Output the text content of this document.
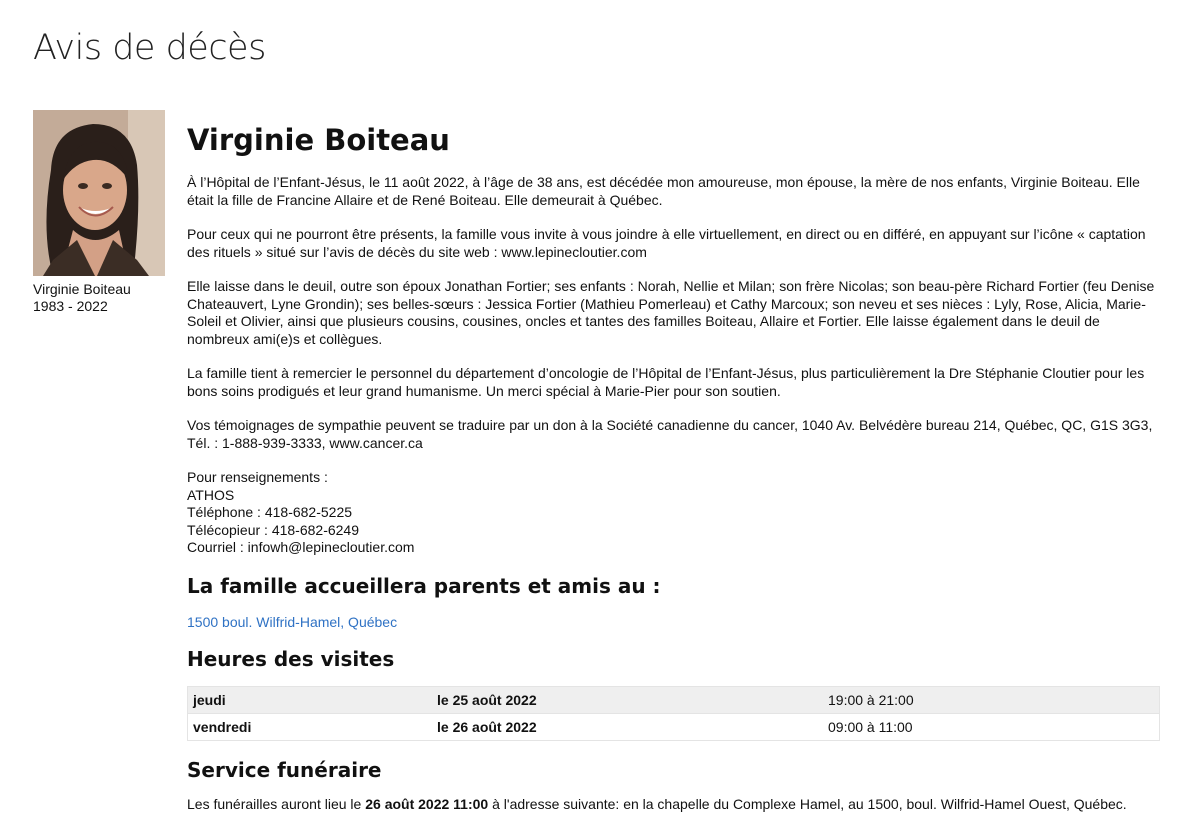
Avis de décès
Virginie Boiteau
1983 - 2022
Virginie Boiteau

À l’Hôpital de l’Enfant-Jésus, le 11 août 2022, à l’âge de 38 ans, est décédée mon amoureuse, mon épouse, la mère de nos enfants, Virginie Boiteau. Elle était la fille de Francine Allaire et de René Boiteau. Elle demeurait à Québec.

Pour ceux qui ne pourront être présents, la famille vous invite à vous joindre à elle virtuellement, en direct ou en différé, en appuyant sur l’icône « captation des rituels » situé sur l’avis de décès du site web : www.lepinecloutier.com

Elle laisse dans le deuil, outre son époux Jonathan Fortier; ses enfants : Norah, Nellie et Milan; son frère Nicolas; son beau-père Richard Fortier (feu Denise Chateauvert, Lyne Grondin); ses belles-sœurs : Jessica Fortier (Mathieu Pomerleau) et Cathy Marcoux; son neveu et ses nièces : Lyly, Rose, Alicia, Marie-Soleil et Olivier, ainsi que plusieurs cousins, cousines, oncles et tantes des familles Boiteau, Allaire et Fortier. Elle laisse également dans le deuil de nombreux ami(e)s et collègues.

La famille tient à remercier le personnel du département d’oncologie de l’Hôpital de l’Enfant-Jésus, plus particulièrement la Dre Stéphanie Cloutier pour les bons soins prodigués et leur grand humanisme. Un merci spécial à Marie-Pier pour son soutien.

Vos témoignages de sympathie peuvent se traduire par un don à la Société canadienne du cancer, 1040 Av. Belvédère bureau 214, Québec, QC, G1S 3G3, Tél. : 1-888-939-3333, www.cancer.ca

Pour renseignements :
ATHOS
Téléphone : 418-682-5225
Télécopieur : 418-682-6249
Courriel : infowh@lepinecloutier.com
La famille accueillera parents et amis au :
1500 boul. Wilfrid-Hamel, Québec
Heures des visites
jeudi	le 25 août 2022	19:00 à 21:00
vendredi	le 26 août 2022	09:00 à 11:00
Service funéraire
Les funérailles auront lieu le 26 août 2022 11:00 à l'adresse suivante: en la chapelle du Complexe Hamel, au 1500, boul. Wilfrid-Hamel Ouest, Québec.
